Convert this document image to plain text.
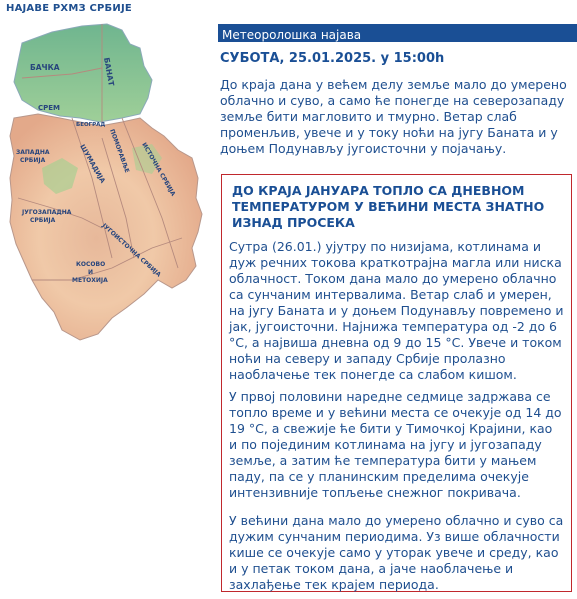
НАЈАВЕ РХМЗ СРБИЈЕ
БАЧКА	БАНАТ
СРЕМ
БЕОГРАД
ЗАПАДНА
СРБИЈА	ШУМАДИЈА ПОМОРАВЉЕ ИСТОЧНА СРБИЈА
ЈУГОЗАПАДНА
СРБИЈА
ЈУГОИСТОЧНА СРБИЈА
КОСОВО
И
МЕТОХИЈА
Метеоролошка најава
СУБОТА, 25.01.2025. у 15:00h
До краја дана у већем делу земље мало до умерено облачно и суво, а само ће понегде на северозападу земље бити магловито и тмурно. Ветар слаб променљив, увече и у току ноћи на југу Баната и у доњем Подунављу југоисточни у појачању.
ДО КРАЈА ЈАНУАРА ТОПЛО СА ДНЕВНОМ ТЕМПЕРАТУРОМ У ВЕЋИНИ МЕСТА ЗНАТНО ИЗНАД ПРОСЕКА
Сутра (26.01.) ујутру по низијама, котлинама и дуж речних токова краткотрајна магла или ниска облачност. Током дана мало до умерено облачно са сунчаним интервалима. Ветар слаб и умерен, на југу Баната и у доњем Подунављу повремено и јак, југоисточни. Најнижа температура од -2 до 6 °C, а највиша дневна од 9 до 15 °C. Увече и током ноћи на северу и западу Србије пролазно наоблачење тек понегде са слабом кишом.
У првој половини наредне седмице задржава се топло време и у већини места се очекује од 14 до 19 °C, а свежије ће бити у Тимочкој Крајини, као и по појединим котлинама на југу и југозападу земље, а затим ће температура бити у мањем паду, па се у планинским пределима очекује интензивније топљење снежног покривача.
У већини дана мало до умерено облачно и суво са дужим сунчаним периодима. Уз више облачности кише се очекује само у уторак увече и среду, као и у петак током дана, а јаче наоблачење и захлађење тек крајем периода.
